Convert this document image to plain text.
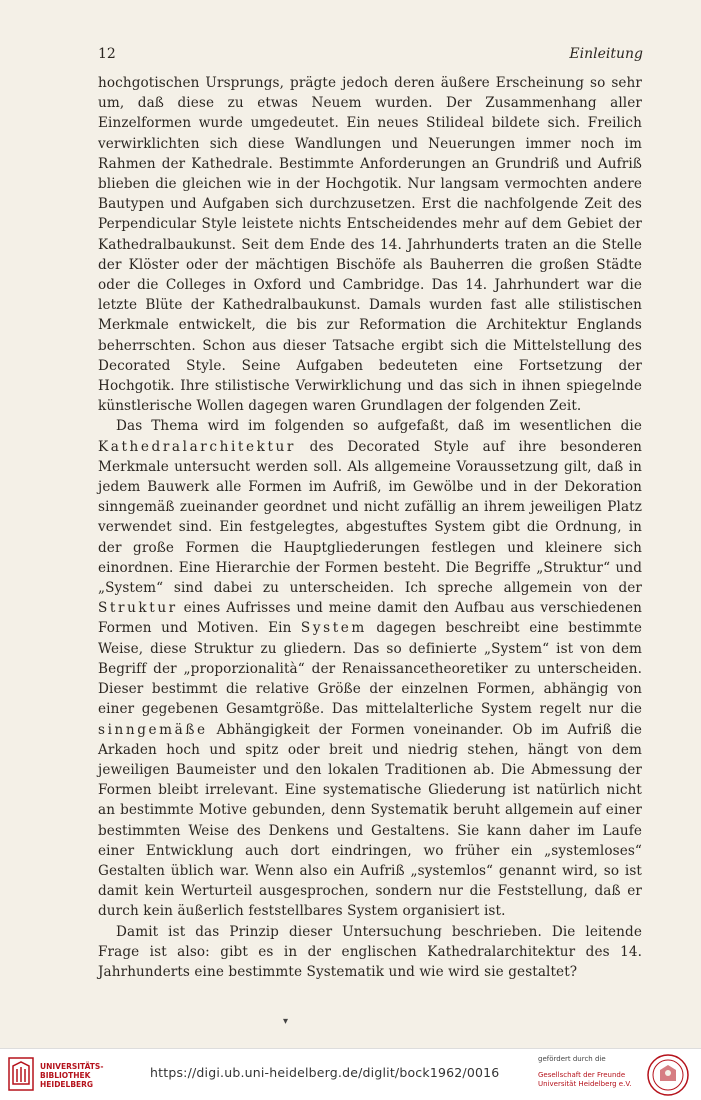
12	Einleitung

hochgotischen Ursprungs, prägte jedoch deren äußere Erscheinung so sehr um, daß diese zu etwas Neuem wurden. Der Zusammenhang aller Einzelformen wurde umgedeutet. Ein neues Stilideal bildete sich. Freilich verwirklichten sich diese Wandlungen und Neuerungen immer noch im Rahmen der Kathedrale. Bestimmte Anforderungen an Grundriß und Aufriß blieben die gleichen wie in der Hochgotik. Nur langsam vermochten andere Bautypen und Aufgaben sich durchzusetzen. Erst die nachfolgende Zeit des Perpendicular Style leistete nichts Entscheidendes mehr auf dem Gebiet der Kathedralbaukunst. Seit dem Ende des 14. Jahrhunderts traten an die Stelle der Klöster oder der mächtigen Bischöfe als Bauherren die großen Städte oder die Colleges in Oxford und Cambridge. Das 14. Jahrhundert war die letzte Blüte der Kathedralbaukunst. Damals wurden fast alle stilistischen Merkmale entwickelt, die bis zur Reformation die Architektur Englands beherrschten. Schon aus dieser Tatsache ergibt sich die Mittelstellung des Decorated Style. Seine Aufgaben bedeuteten eine Fortsetzung der Hochgotik. Ihre stilistische Verwirklichung und das sich in ihnen spiegelnde künstlerische Wollen dagegen waren Grundlagen der folgenden Zeit.

Das Thema wird im folgenden so aufgefaßt, daß im wesentlichen die Kathedralarchitektur des Decorated Style auf ihre besonderen Merkmale untersucht werden soll. Als allgemeine Voraussetzung gilt, daß in jedem Bauwerk alle Formen im Aufriß, im Gewölbe und in der Dekoration sinngemäß zueinander geordnet und nicht zufällig an ihrem jeweiligen Platz verwendet sind. Ein festgelegtes, abgestuftes System gibt die Ordnung, in der große Formen die Hauptgliederungen festlegen und kleinere sich einordnen. Eine Hierarchie der Formen besteht. Die Begriffe „Struktur“ und „System“ sind dabei zu unterscheiden. Ich spreche allgemein von der Struktur eines Aufrisses und meine damit den Aufbau aus verschiedenen Formen und Motiven. Ein System dagegen beschreibt eine bestimmte Weise, diese Struktur zu gliedern. Das so definierte „System“ ist von dem Begriff der „proporzionalità“ der Renaissancetheoretiker zu unterscheiden. Dieser bestimmt die relative Größe der einzelnen Formen, abhängig von einer gegebenen Gesamtgröße. Das mittelalterliche System regelt nur die sinngemäße Abhängigkeit der Formen voneinander. Ob im Aufriß die Arkaden hoch und spitz oder breit und niedrig stehen, hängt von dem jeweiligen Baumeister und den lokalen Traditionen ab. Die Abmessung der Formen bleibt irrelevant. Eine systematische Gliederung ist natürlich nicht an bestimmte Motive gebunden, denn Systematik beruht allgemein auf einer bestimmten Weise des Denkens und Gestaltens. Sie kann daher im Laufe einer Entwicklung auch dort eindringen, wo früher ein „systemloses“ Gestalten üblich war. Wenn also ein Aufriß „systemlos“ genannt wird, so ist damit kein Werturteil ausgesprochen, sondern nur die Feststellung, daß er durch kein äußerlich feststellbares System organisiert ist.

Damit ist das Prinzip dieser Untersuchung beschrieben. Die leitende Frage ist also: gibt es in der englischen Kathedralarchitektur des 14. Jahrhunderts eine bestimmte Systematik und wie wird sie gestaltet?

▾
UNIVERSITÄTS-
BIBLIOTHEK
HEIDELBERG
https://digi.ub.uni-heidelberg.de/diglit/bock1962/0016
gefördert durch die
Gesellschaft der Freunde
Universität Heidelberg e.V.
